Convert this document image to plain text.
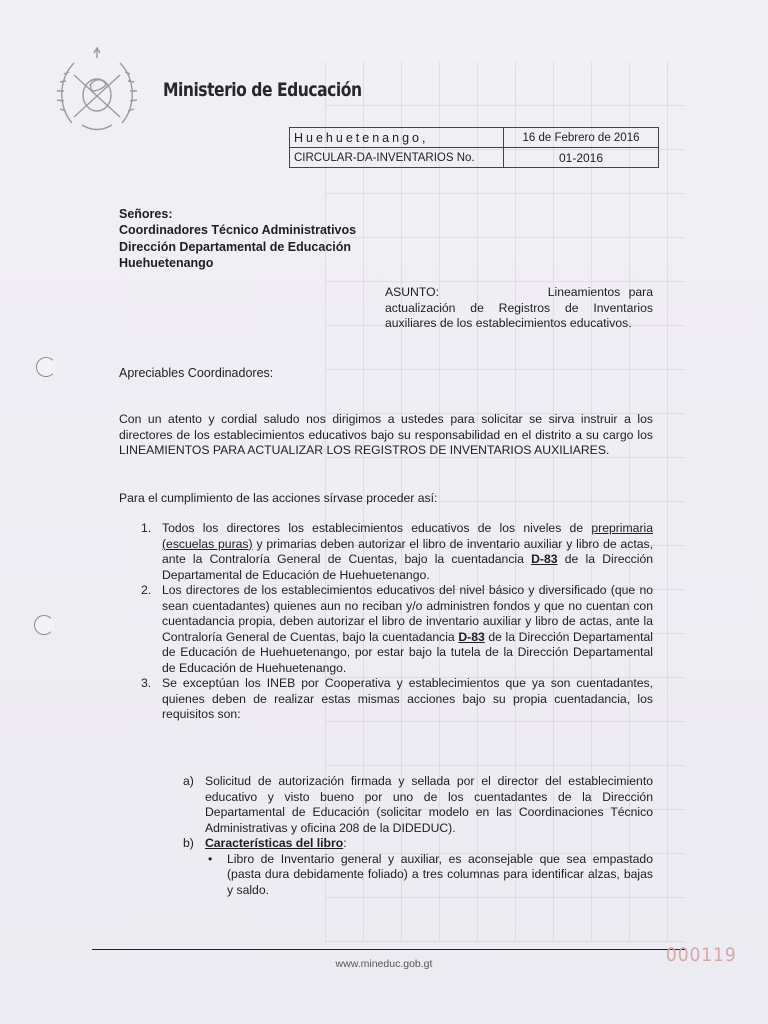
Ministerio de Educación
Huehuetenango,	16 de Febrero de 2016
CIRCULAR-DA-INVENTARIOS No.	01-2016
Señores:
Coordinadores Técnico Administrativos
Dirección Departamental de Educación
Huehuetenango
ASUNTO:	Lineamientos para actualización de Registros de Inventarios auxiliares de los establecimientos educativos.
Apreciables Coordinadores:

Con un atento y cordial saludo nos dirigimos a ustedes para solicitar se sirva instruir a los directores de los establecimientos educativos bajo su responsabilidad en el distrito a su cargo los LINEAMIENTOS PARA ACTUALIZAR LOS REGISTROS DE INVENTARIOS AUXILIARES.

Para el cumplimiento de las acciones sírvase proceder así:

1. Todos los directores los establecimientos educativos de los niveles de preprimaria (escuelas puras) y primarias deben autorizar el libro de inventario auxiliar y libro de actas, ante la Contraloría General de Cuentas, bajo la cuentadancia D-83 de la Dirección Departamental de Educación de Huehuetenango.
2. Los directores de los establecimientos educativos del nivel básico y diversificado (que no sean cuentadantes) quienes aun no reciban y/o administren fondos y que no cuentan con cuentadancia propia, deben autorizar el libro de inventario auxiliar y libro de actas, ante la Contraloría General de Cuentas, bajo la cuentadancia D-83 de la Dirección Departamental de Educación de Huehuetenango, por estar bajo la tutela de la Dirección Departamental de Educación de Huehuetenango.
3. Se exceptúan los INEB por Cooperativa y establecimientos que ya son cuentadantes, quienes deben de realizar estas mismas acciones bajo su propia cuentadancia, los requisitos son:
a) Solicitud de autorización firmada y sellada por el director del establecimiento educativo y visto bueno por uno de los cuentadantes de la Dirección Departamental de Educación (solicitar modelo en las Coordinaciones Técnico Administrativas y oficina 208 de la DIDEDUC).
b) Características del libro:
• Libro de Inventario general y auxiliar, es aconsejable que sea empastado (pasta dura debidamente foliado) a tres columnas para identificar alzas, bajas y saldo.
000119
www.mineduc.gob.gt
